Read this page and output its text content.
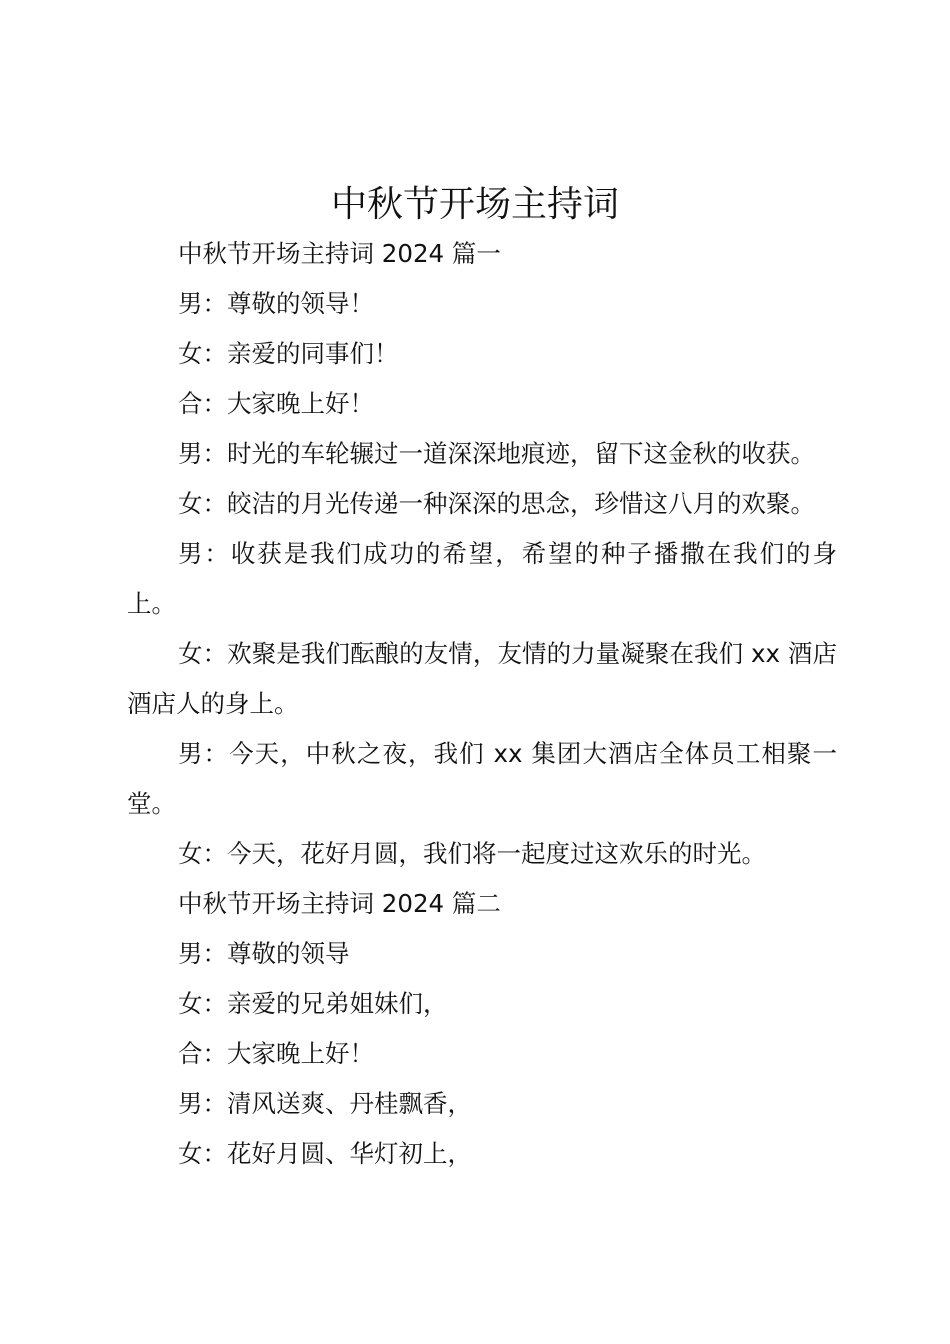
中秋节开场主持词

中秋节开场主持词 2024 篇一

男：尊敬的领导！

女：亲爱的同事们！

合：大家晚上好！

男：时光的车轮辗过一道深深地痕迹，留下这金秋的收获。

女：皎洁的月光传递一种深深的思念，珍惜这八月的欢聚。

男：收获是我们成功的希望，希望的种子播撒在我们的身上。

女：欢聚是我们酝酿的友情，友情的力量凝聚在我们 xx 酒店酒店人的身上。

男：今天，中秋之夜，我们 xx 集团大酒店全体员工相聚一堂。

女：今天，花好月圆，我们将一起度过这欢乐的时光。

中秋节开场主持词 2024 篇二

男：尊敬的领导

女：亲爱的兄弟姐妹们，

合：大家晚上好！

男：清风送爽、丹桂飘香，

女：花好月圆、华灯初上，
